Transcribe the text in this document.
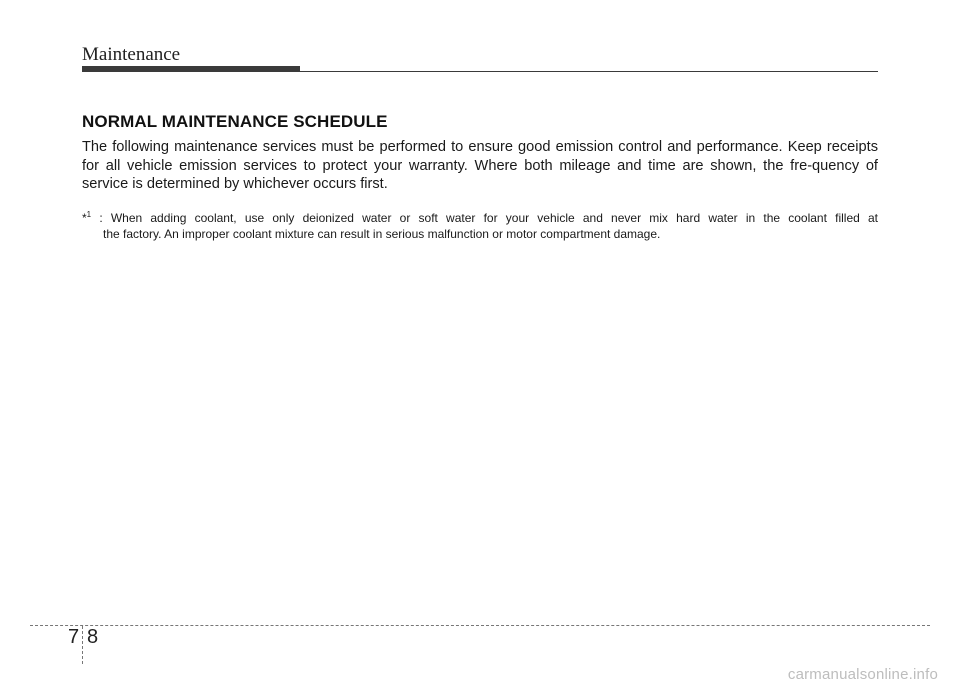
Maintenance
NORMAL MAINTENANCE SCHEDULE
The following maintenance services must be performed to ensure good emission control and performance. Keep receipts for all vehicle emission services to protect your warranty. Where both mileage and time are shown, the fre-quency of service is determined by whichever occurs first.
*$^1$ : When adding coolant, use only deionized water or soft water for your vehicle and never mix hard water in the coolant filled at
the factory. An improper coolant mixture can result in serious malfunction or motor compartment damage.
7 8
carmanualsonline.info
